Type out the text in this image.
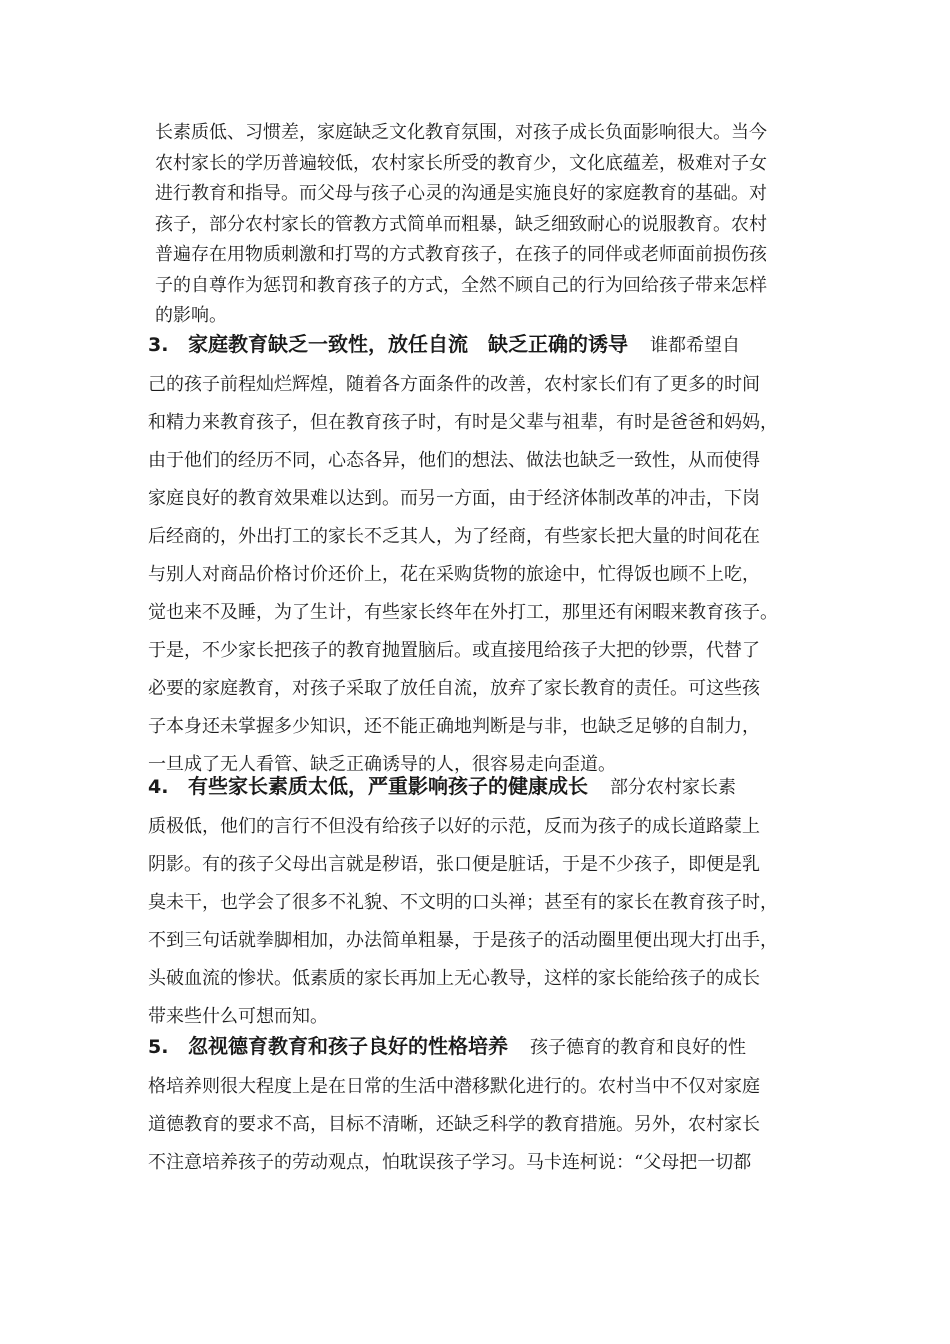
长素质低、习惯差，家庭缺乏文化教育氛围，对孩子成长负面影响很大。当今
农村家长的学历普遍较低，农村家长所受的教育少，文化底蕴差，极难对子女
进行教育和指导。而父母与孩子心灵的沟通是实施良好的家庭教育的基础。对
孩子，部分农村家长的管教方式简单而粗暴，缺乏细致耐心的说服教育。农村
普遍存在用物质刺激和打骂的方式教育孩子，在孩子的同伴或老师面前损伤孩
子的自尊作为惩罚和教育孩子的方式，全然不顾自己的行为回给孩子带来怎样
的影响。
3. 家庭教育缺乏一致性，放任自流　缺乏正确的诱导 谁都希望自
己的孩子前程灿烂辉煌，随着各方面条件的改善，农村家长们有了更多的时间
和精力来教育孩子，但在教育孩子时，有时是父辈与祖辈，有时是爸爸和妈妈，
由于他们的经历不同，心态各异，他们的想法、做法也缺乏一致性，从而使得
家庭良好的教育效果难以达到。而另一方面，由于经济体制改革的冲击，下岗
后经商的，外出打工的家长不乏其人，为了经商，有些家长把大量的时间花在
与别人对商品价格讨价还价上，花在采购货物的旅途中，忙得饭也顾不上吃，
觉也来不及睡，为了生计，有些家长终年在外打工，那里还有闲暇来教育孩子。
于是，不少家长把孩子的教育抛置脑后。或直接甩给孩子大把的钞票，代替了
必要的家庭教育，对孩子采取了放任自流，放弃了家长教育的责任。可这些孩
子本身还未掌握多少知识，还不能正确地判断是与非，也缺乏足够的自制力，
一旦成了无人看管、缺乏正确诱导的人，很容易走向歪道。
4. 有些家长素质太低，严重影响孩子的健康成长 部分农村家长素
质极低，他们的言行不但没有给孩子以好的示范，反而为孩子的成长道路蒙上
阴影。有的孩子父母出言就是秽语，张口便是脏话，于是不少孩子，即便是乳
臭未干，也学会了很多不礼貌、不文明的口头禅；甚至有的家长在教育孩子时，
不到三句话就拳脚相加，办法简单粗暴，于是孩子的活动圈里便出现大打出手，
头破血流的惨状。低素质的家长再加上无心教导，这样的家长能给孩子的成长
带来些什么可想而知。
5. 忽视德育教育和孩子良好的性格培养 孩子德育的教育和良好的性
格培养则很大程度上是在日常的生活中潜移默化进行的。农村当中不仅对家庭
道德教育的要求不高，目标不清晰，还缺乏科学的教育措施。另外，农村家长
不注意培养孩子的劳动观点，怕耽误孩子学习。马卡连柯说：“父母把一切都
